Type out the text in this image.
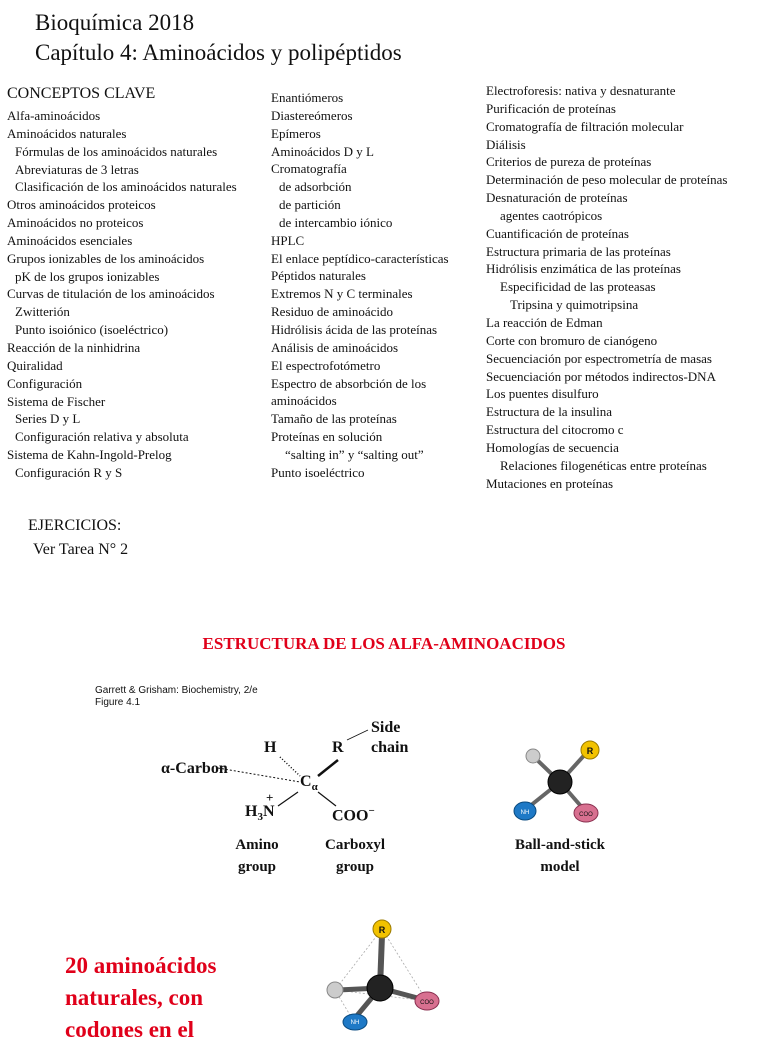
Bioquímica 2018
Capítulo 4: Aminoácidos y polipéptidos
CONCEPTOS CLAVE
Alfa-aminoácidos
Aminoácidos naturales
Fórmulas de los aminoácidos naturales
Abreviaturas de 3 letras
Clasificación de los aminoácidos naturales
Otros aminoácidos proteicos
Aminoácidos no proteicos
Aminoácidos esenciales
Grupos ionizables de los aminoácidos
pK de los grupos ionizables
Curvas de titulación de los aminoácidos
Zwitterión
Punto isoiónico (isoeléctrico)
Reacción de la ninhidrina
Quiralidad
Configuración
Sistema de Fischer
Series D y L
Configuración relativa y absoluta
Sistema de Kahn-Ingold-Prelog
Configuración R y S
Enantiómeros
Diastereómeros
Epímeros
Aminoácidos D y L
Cromatografía
de adsorbción
de partición
de intercambio iónico
HPLC
El enlace peptídico-características
Péptidos naturales
Extremos N y C terminales
Residuo de aminoácido
Hidrólisis ácida de las proteínas
Análisis de aminoácidos
El espectrofotómetro
Espectro de absorbción de los
aminoácidos
Tamaño de las proteínas
Proteínas en solución
“salting in” y “salting out”
Punto isoeléctrico
Electroforesis: nativa y desnaturante
Purificación de proteínas
Cromatografía de filtración molecular
Diálisis
Criterios de pureza de proteínas
Determinación de peso molecular de proteínas
Desnaturación de proteínas
agentes caotrópicos
Cuantificación de proteínas
Estructura primaria de las proteínas
Hidrólisis enzimática de las proteínas
Especificidad de las proteasas
Tripsina y quimotripsina
La reacción de Edman
Corte con bromuro de cianógeno
Secuenciación por espectrometría de masas
Secuenciación por métodos indirectos-DNA
Los puentes disulfuro
Estructura de la insulina
Estructura del citocromo c
Homologías de secuencia
Relaciones filogenéticas entre proteínas
Mutaciones en proteínas
EJERCICIOS:
Ver Tarea N° 2
ESTRUCTURA DE LOS ALFA-AMINOACIDOS
Garrett & Grisham: Biochemistry, 2/e
Figure 4.1
α-Carbon
H	R
Side
chain
$C_\alpha$
$H_3$
+
N	COO−
Amino
group
Carboxyl
group
R
NH	COO
Ball-and-stick
model
R
COO
NH
20 aminoácidos
naturales, con
codones en el
